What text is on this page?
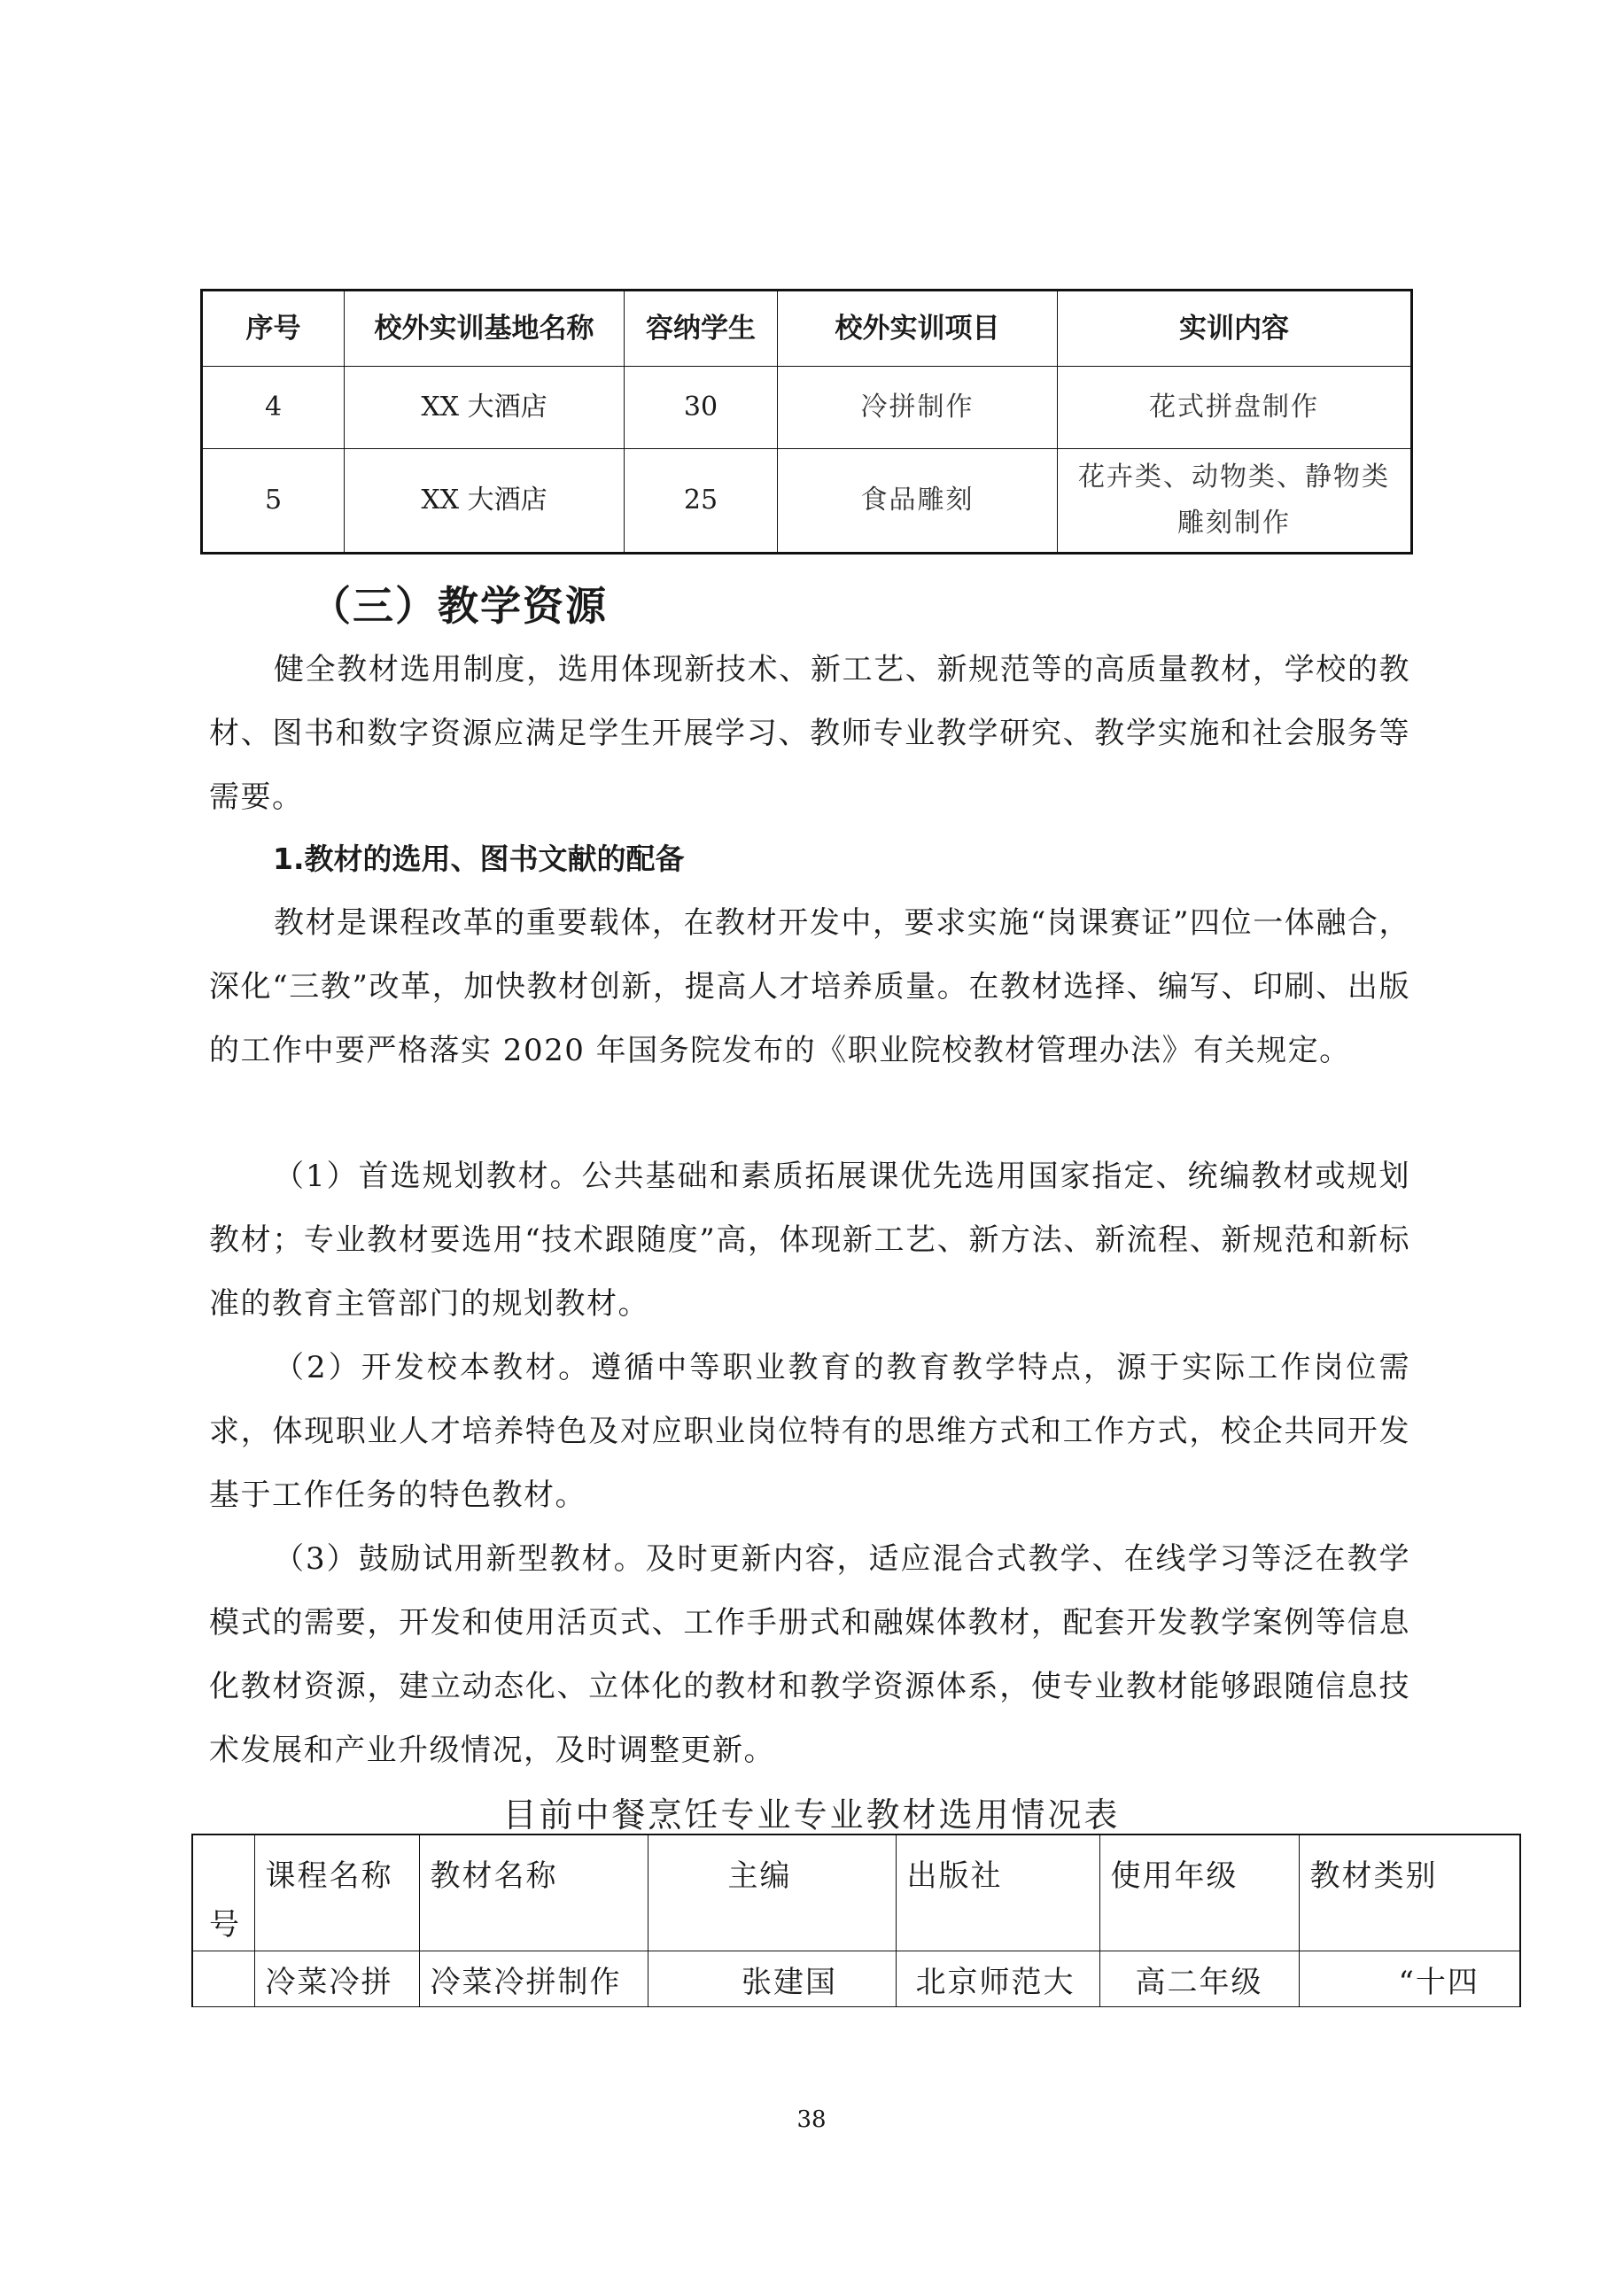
序号	校外实训基地名称	容纳学生	校外实训项目	实训内容
4	XX 大酒店	30	冷拼制作	花式拼盘制作
5	XX 大酒店	25	食品雕刻	花卉类、动物类、静物类雕刻制作
（三）教学资源
健全教材选用制度，选用体现新技术、新工艺、新规范等的高质量教材，学校的教材、图书和数字资源应满足学生开展学习、教师专业教学研究、教学实施和社会服务等需要。
1.教材的选用、图书文献的配备
教材是课程改革的重要载体，在教材开发中，要求实施“岗课赛证”四位一体融合，深化“三教”改革，加快教材创新，提高人才培养质量。在教材选择、编写、印刷、出版的工作中要严格落实 2020 年国务院发布的《职业院校教材管理办法》有关规定。
（1）首选规划教材。公共基础和素质拓展课优先选用国家指定、统编教材或规划教材；专业教材要选用“技术跟随度”高，体现新工艺、新方法、新流程、新规范和新标准的教育主管部门的规划教材。
（2）开发校本教材。遵循中等职业教育的教育教学特点，源于实际工作岗位需求，体现职业人才培养特色及对应职业岗位特有的思维方式和工作方式，校企共同开发基于工作任务的特色教材。
（3）鼓励试用新型教材。及时更新内容，适应混合式教学、在线学习等泛在教学模式的需要，开发和使用活页式、工作手册式和融媒体教材，配套开发教学案例等信息化教材资源，建立动态化、立体化的教材和教学资源体系，使专业教材能够跟随信息技术发展和产业升级情况，及时调整更新。
目前中餐烹饪专业专业教材选用情况表
号	课程名称	教材名称	主编	出版社	使用年级	教材类别

	冷菜冷拼	冷菜冷拼制作	张建国	北京师范大	高二年级	“十四
38
